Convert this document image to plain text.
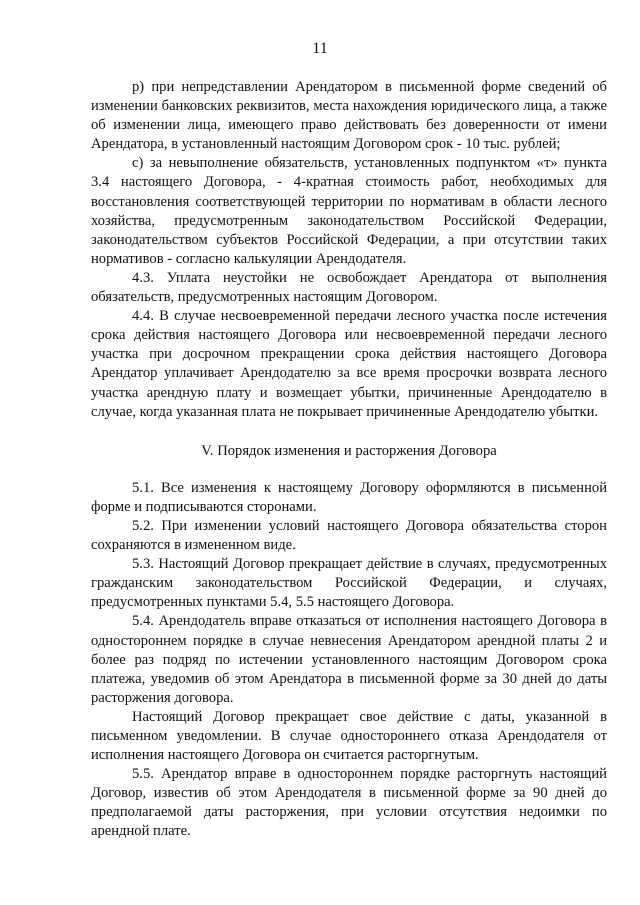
11

р) при непредставлении Арендатором в письменной форме сведений об изменении банковских реквизитов, места нахождения юридического лица, а также об изменении лица, имеющего право действовать без доверенности от имени Арендатора, в установленный настоящим Договором срок - 10 тыс. рублей;

с) за невыполнение обязательств, установленных подпунктом «т» пункта 3.4 настоящего Договора, - 4-кратная стоимость работ, необходимых для восстановления соответствующей территории по нормативам в области лесного хозяйства, предусмотренным законодательством Российской Федерации, законодательством субъектов Российской Федерации, а при отсутствии таких нормативов - согласно калькуляции Арендодателя.

4.3. Уплата неустойки не освобождает Арендатора от выполнения обязательств, предусмотренных настоящим Договором.

4.4. В случае несвоевременной передачи лесного участка после истечения срока действия настоящего Договора или несвоевременной передачи лесного участка при досрочном прекращении срока действия настоящего Договора Арендатор уплачивает Арендодателю за все время просрочки возврата лесного участка арендную плату и возмещает убытки, причиненные Арендодателю в случае, когда указанная плата не покрывает причиненные Арендодателю убытки.

V. Порядок изменения и расторжения Договора

5.1. Все изменения к настоящему Договору оформляются в письменной форме и подписываются сторонами.

5.2. При изменении условий настоящего Договора обязательства сторон сохраняются в измененном виде.

5.3. Настоящий Договор прекращает действие в случаях, предусмотренных гражданским законодательством Российской Федерации, и случаях, предусмотренных пунктами 5.4, 5.5 настоящего Договора.

5.4. Арендодатель вправе отказаться от исполнения настоящего Договора в одностороннем порядке в случае невнесения Арендатором арендной платы 2 и более раз подряд по истечении установленного настоящим Договором срока платежа, уведомив об этом Арендатора в письменной форме за 30 дней до даты расторжения договора.

Настоящий Договор прекращает свое действие с даты, указанной в письменном уведомлении. В случае одностороннего отказа Арендодателя от исполнения настоящего Договора он считается расторгнутым.

5.5. Арендатор вправе в одностороннем порядке расторгнуть настоящий Договор, известив об этом Арендодателя в письменной форме за 90 дней до предполагаемой даты расторжения, при условии отсутствия недоимки по арендной плате.
